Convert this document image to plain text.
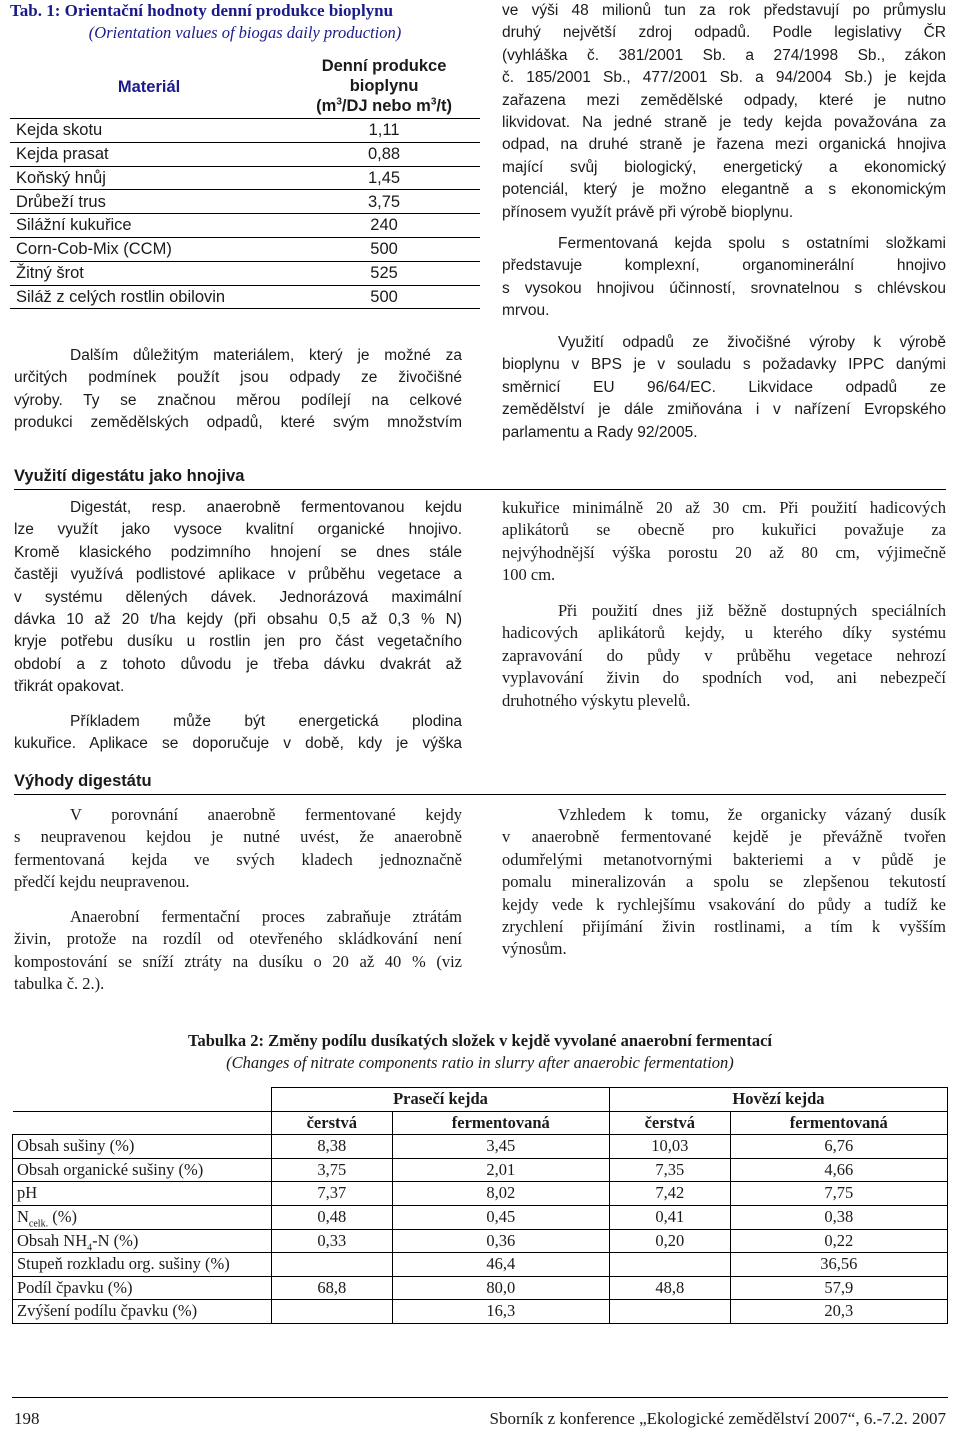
Tab. 1: Orientační hodnoty denní produkce bioplynu
(Orientation values of biogas daily production)
Materiál	Denní produkce
bioplynu
($m^3/DJ$ nebo $m^3/t$)
Kejda skotu	1,11
Kejda prasat	0,88
Koňský hnůj	1,45
Drůbeží trus	3,75
Silážní kukuřice	240
Corn-Cob-Mix (CCM)	500
Žitný šrot	525
Siláž z celých rostlin obilovin	500
Dalším důležitým materiálem, který je možné za
určitých podmínek použít jsou odpady ze živočišné
výroby. Ty se značnou měrou podílejí na celkové
produkci zemědělských odpadů, které svým množstvím
ve výši 48 milionů tun za rok představují po průmyslu
druhý největší zdroj odpadů. Podle legislativy ČR
(vyhláška č. 381/2001 Sb. a 274/1998 Sb., zákon
č. 185/2001 Sb., 477/2001 Sb. a 94/2004 Sb.) je kejda
zařazena mezi zemědělské odpady, které je nutno
likvidovat. Na jedné straně je tedy kejda považována za
odpad, na druhé straně je řazena mezi organická hnojiva
mající svůj biologický, energetický a ekonomický
potenciál, který je možno elegantně a s ekonomickým
přínosem využít právě při výrobě bioplynu.
Fermentovaná kejda spolu s ostatními složkami
představuje komplexní, organominerální hnojivo
s vysokou hnojivou účinností, srovnatelnou s chlévskou
mrvou.
Využití odpadů ze živočišné výroby k výrobě
bioplynu v BPS je v souladu s požadavky IPPC danými
směrnicí EU 96/64/EC. Likvidace odpadů ze
zemědělství je dále zmiňována i v nařízení Evropského
parlamentu a Rady 92/2005.
Využití digestátu jako hnojiva
Digestát, resp. anaerobně fermentovanou kejdu
lze využít jako vysoce kvalitní organické hnojivo.
Kromě klasického podzimního hnojení se dnes stále
častěji využívá podlistové aplikace v průběhu vegetace a
v systému dělených dávek. Jednorázová maximální
dávka 10 až 20 t/ha kejdy (při obsahu 0,5 až 0,3 % N)
kryje potřebu dusíku u rostlin jen pro část vegetačního
období a z tohoto důvodu je třeba dávku dvakrát až
třikrát opakovat.
Příkladem může být energetická plodina
kukuřice. Aplikace se doporučuje v době, kdy je výška
kukuřice minimálně 20 až 30 cm. Při použití hadicových
aplikátorů se obecně pro kukuřici považuje za
nejvýhodnější výška porostu 20 až 80 cm, výjimečně
100 cm.
Při použití dnes již běžně dostupných speciálních
hadicových aplikátorů kejdy, u kterého díky systému
zapravování do půdy v průběhu vegetace nehrozí
vyplavování živin do spodních vod, ani nebezpečí
druhotného výskytu plevelů.
Výhody digestátu
V porovnání anaerobně fermentované kejdy
s neupravenou kejdou je nutné uvést, že anaerobně
fermentovaná kejda ve svých kladech jednoznačně
předčí kejdu neupravenou.
Anaerobní fermentační proces zabraňuje ztrátám
živin, protože na rozdíl od otevřeného skládkování není
kompostování se sníží ztráty na dusíku o 20 až 40 % (viz
tabulka č. 2.).
Vzhledem k tomu, že organicky vázaný dusík
v anaerobně fermentované kejdě je převážně tvořen
odumřelými metanotvornými bakteriemi a v půdě je
pomalu mineralizován a spolu se zlepšenou tekutostí
kejdy vede k rychlejšímu vsakování do půdy a tudíž ke
zrychlení přijímání živin rostlinami, a tím k vyšším
výnosům.
Tabulka 2: Změny podílu dusíkatých složek v kejdě vyvolané anaerobní fermentací
(Changes of nitrate components ratio in slurry after anaerobic fermentation)
	Prasečí kejda		Hovězí kejda	
	čerstvá	fermentovaná	čerstvá	fermentovaná
Obsah sušiny (%)	8,38	3,45	10,03	6,76
Obsah organické sušiny (%)	3,75	2,01	7,35	4,66
pH	7,37	8,02	7,42	7,75
$N_{celk.}$ (%)	0,48	0,45	0,41	0,38
Obsah $NH_4-N$ (%)	0,33	0,36	0,20	0,22
Stupeň rozkladu org. sušiny (%)		46,4		36,56
Podíl čpavku (%)	68,8	80,0	48,8	57,9
Zvýšení podílu čpavku (%)		16,3		20,3
198	Sborník z konference „Ekologické zemědělství 2007“, 6.-7.2. 2007
